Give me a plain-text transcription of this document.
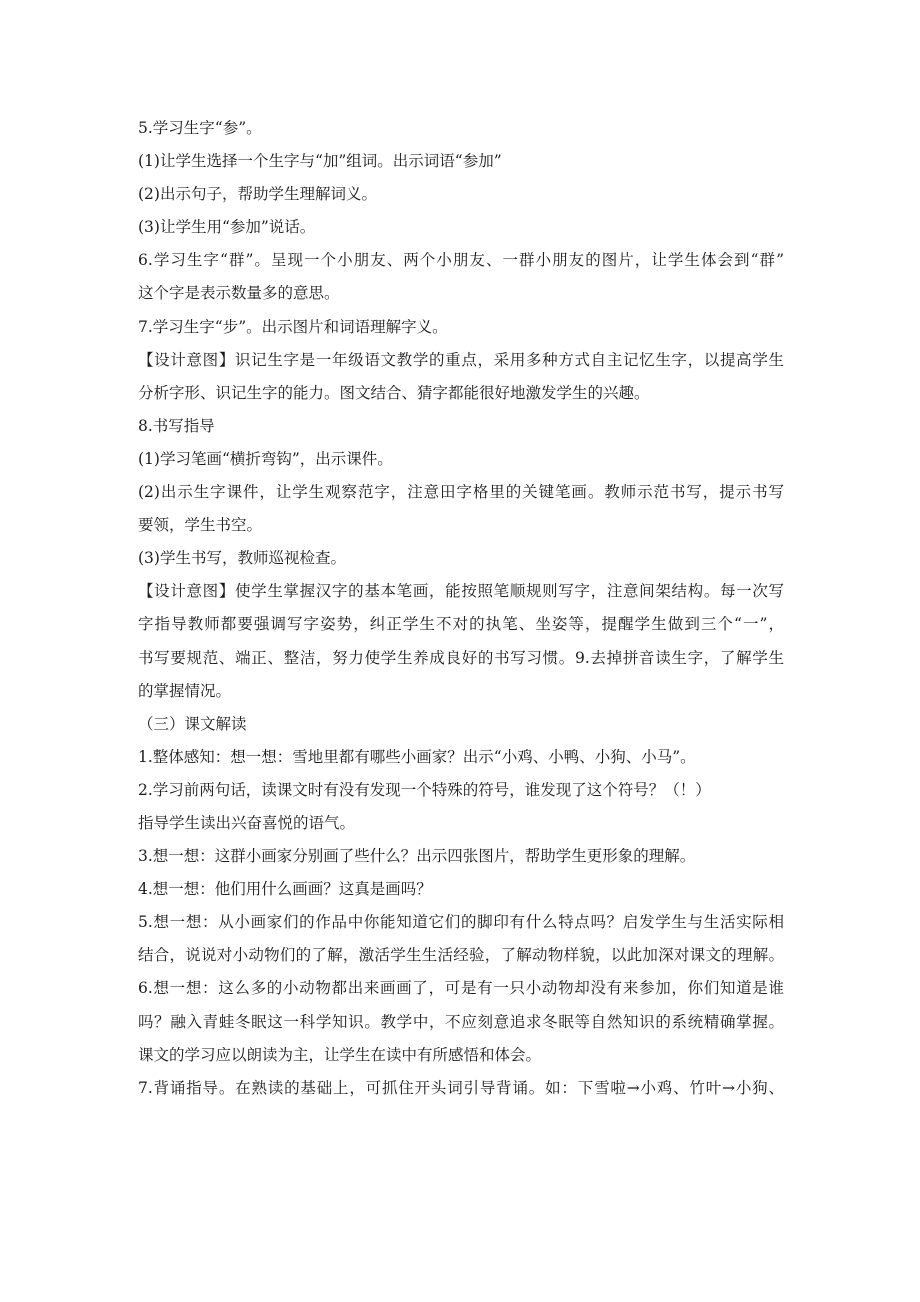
5.学习生字“参”。
(1)让学生选择一个生字与“加”组词。出示词语“参加”
(2)出示句子，帮助学生理解词义。
(3)让学生用“参加”说话。
6.学习生字“群”。呈现一个小朋友、两个小朋友、一群小朋友的图片，让学生体会到“群”
这个字是表示数量多的意思。
7.学习生字“步”。出示图片和词语理解字义。
【设计意图】识记生字是一年级语文教学的重点，采用多种方式自主记忆生字，以提高学生
分析字形、识记生字的能力。图文结合、猜字都能很好地激发学生的兴趣。
8.书写指导
(1)学习笔画“横折弯钩”，出示课件。
(2)出示生字课件，让学生观察范字，注意田字格里的关键笔画。教师示范书写，提示书写
要领，学生书空。
(3)学生书写，教师巡视检查。
【设计意图】使学生掌握汉字的基本笔画，能按照笔顺规则写字，注意间架结构。每一次写
字指导教师都要强调写字姿势，纠正学生不对的执笔、坐姿等，提醒学生做到三个“一”，
书写要规范、端正、整洁，努力使学生养成良好的书写习惯。9.去掉拼音读生字，了解学生
的掌握情况。
（三）课文解读
1.整体感知：想一想：雪地里都有哪些小画家？出示“小鸡、小鸭、小狗、小马”。
2.学习前两句话，读课文时有没有发现一个特殊的符号，谁发现了这个符号？（！）
指导学生读出兴奋喜悦的语气。
3.想一想：这群小画家分别画了些什么？出示四张图片，帮助学生更形象的理解。
4.想一想：他们用什么画画？这真是画吗？
5.想一想：从小画家们的作品中你能知道它们的脚印有什么特点吗？启发学生与生活实际相
结合，说说对小动物们的了解，激活学生生活经验，了解动物样貌，以此加深对课文的理解。
6.想一想：这么多的小动物都出来画画了，可是有一只小动物却没有来参加，你们知道是谁
吗？融入青蛙冬眠这一科学知识。教学中，不应刻意追求冬眠等自然知识的系统精确掌握。
课文的学习应以朗读为主，让学生在读中有所感悟和体会。
7.背诵指导。在熟读的基础上，可抓住开头词引导背诵。如：下雪啦→小鸡、竹叶→小狗、
